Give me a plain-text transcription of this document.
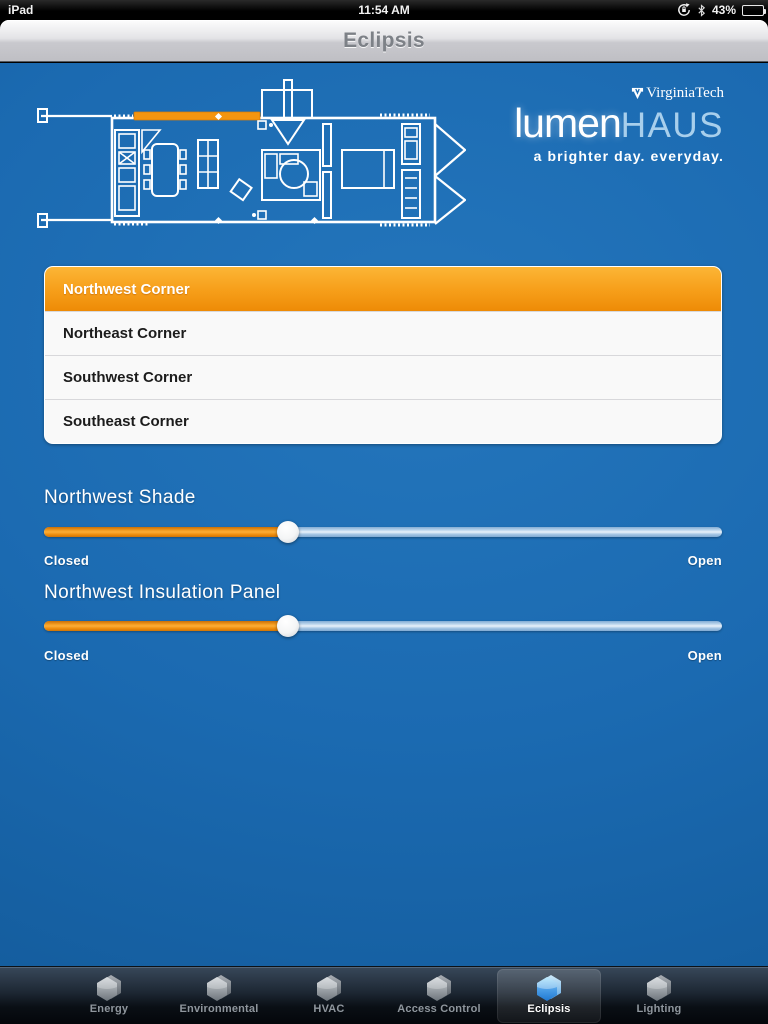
iPad	11:54 AM	43%
Eclipsis
VirginiaTech
lumenHAUS
a brighter day. everyday.
Northwest Corner
Northeast Corner
Southwest Corner
Southeast Corner
Northwest Shade
Closed	Open
Northwest Insulation Panel
Closed	Open
Energy	Environmental	HVAC	Access Control	Eclipsis	Lighting
